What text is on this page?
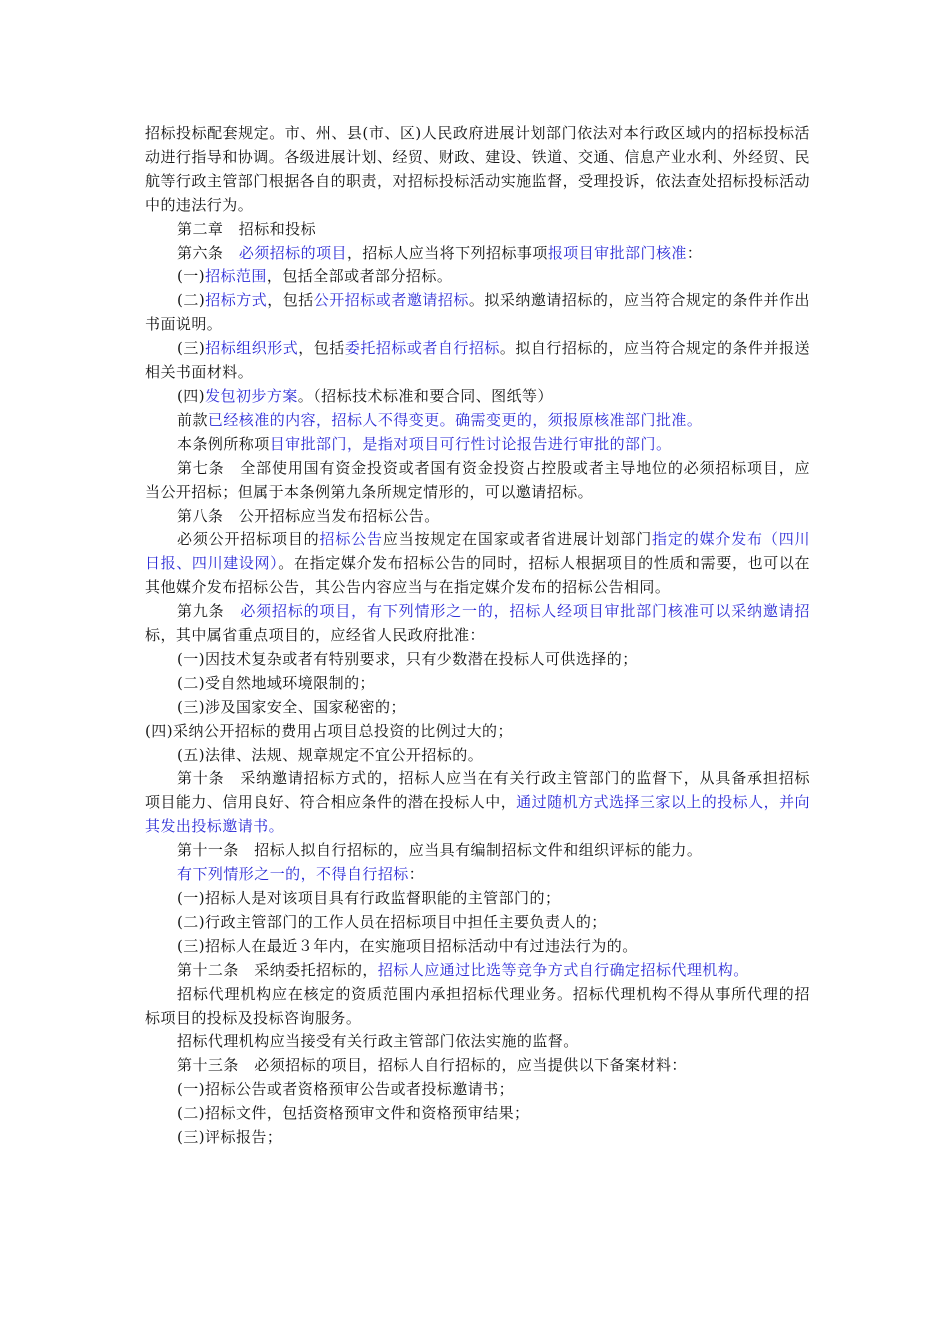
招标投标配套规定。市、州、县(市、区)人民政府进展计划部门依法对本行政区域内的招标投标活动进行指导和协调。各级进展计划、经贸、财政、建设、铁道、交通、信息产业水利、外经贸、民航等行政主管部门根据各自的职责，对招标投标活动实施监督，受理投诉，依法查处招标投标活动中的违法行为。

第二章　招标和投标

第六条　必须招标的项目，招标人应当将下列招标事项报项目审批部门核准：

(一)招标范围，包括全部或者部分招标。

(二)招标方式，包括公开招标或者邀请招标。拟采纳邀请招标的，应当符合规定的条件并作出书面说明。

(三)招标组织形式，包括委托招标或者自行招标。拟自行招标的，应当符合规定的条件并报送相关书面材料。

(四)发包初步方案。（招标技术标准和要合同、图纸等）

前款已经核准的内容，招标人不得变更。确需变更的，须报原核准部门批准。

本条例所称项目审批部门，是指对项目可行性讨论报告进行审批的部门。

第七条　全部使用国有资金投资或者国有资金投资占控股或者主导地位的必须招标项目，应当公开招标；但属于本条例第九条所规定情形的，可以邀请招标。

第八条　公开招标应当发布招标公告。

必须公开招标项目的招标公告应当按规定在国家或者省进展计划部门指定的媒介发布（四川日报、四川建设网）。在指定媒介发布招标公告的同时，招标人根据项目的性质和需要，也可以在其他媒介发布招标公告，其公告内容应当与在指定媒介发布的招标公告相同。

第九条　必须招标的项目，有下列情形之一的，招标人经项目审批部门核准可以采纳邀请招标，其中属省重点项目的，应经省人民政府批准：

(一)因技术复杂或者有特别要求，只有少数潜在投标人可供选择的；

(二)受自然地域环境限制的；

(三)涉及国家安全、国家秘密的；

(四)采纳公开招标的费用占项目总投资的比例过大的；

(五)法律、法规、规章规定不宜公开招标的。

第十条　采纳邀请招标方式的，招标人应当在有关行政主管部门的监督下，从具备承担招标项目能力、信用良好、符合相应条件的潜在投标人中，通过随机方式选择三家以上的投标人，并向其发出投标邀请书。

第十一条　招标人拟自行招标的，应当具有编制招标文件和组织评标的能力。

有下列情形之一的，不得自行招标：

(一)招标人是对该项目具有行政监督职能的主管部门的；

(二)行政主管部门的工作人员在招标项目中担任主要负责人的；

(三)招标人在最近３年内，在实施项目招标活动中有过违法行为的。

第十二条　采纳委托招标的，招标人应通过比选等竞争方式自行确定招标代理机构。

招标代理机构应在核定的资质范围内承担招标代理业务。招标代理机构不得从事所代理的招标项目的投标及投标咨询服务。

招标代理机构应当接受有关行政主管部门依法实施的监督。

第十三条　必须招标的项目，招标人自行招标的，应当提供以下备案材料：

(一)招标公告或者资格预审公告或者投标邀请书；

(二)招标文件，包括资格预审文件和资格预审结果；

(三)评标报告；
